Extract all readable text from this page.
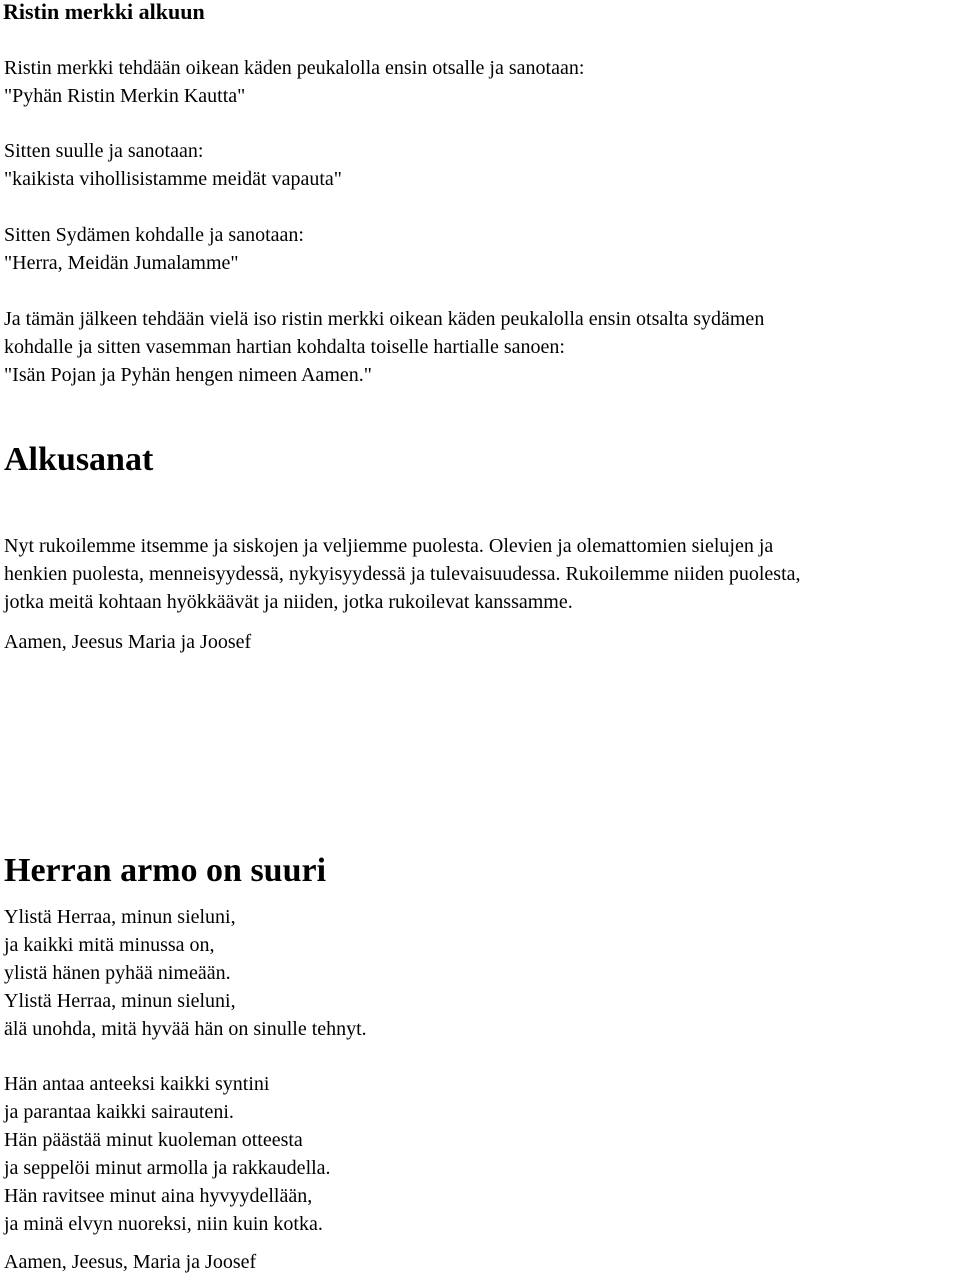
Ristin merkki alkuun
Ristin merkki tehdään oikean käden peukalolla ensin otsalle ja sanotaan:
"Pyhän Ristin Merkin Kautta"
Sitten suulle ja sanotaan:
"kaikista vihollisistamme meidät vapauta"
Sitten Sydämen kohdalle ja sanotaan:
"Herra, Meidän Jumalamme"
Ja tämän jälkeen tehdään vielä iso ristin merkki oikean käden peukalolla ensin otsalta sydämen
kohdalle ja sitten vasemman hartian kohdalta toiselle hartialle sanoen:
"Isän Pojan ja Pyhän hengen nimeen Aamen."
Alkusanat
Nyt rukoilemme itsemme ja siskojen ja veljiemme puolesta. Olevien ja olemattomien sielujen ja
henkien puolesta, menneisyydessä, nykyisyydessä ja tulevaisuudessa. Rukoilemme niiden puolesta,
jotka meitä kohtaan hyökkäävät ja niiden, jotka rukoilevat kanssamme.
Aamen, Jeesus Maria ja Joosef
Herran armo on suuri
Ylistä Herraa, minun sieluni,
ja kaikki mitä minussa on,
ylistä hänen pyhää nimeään.
Ylistä Herraa, minun sieluni,
älä unohda, mitä hyvää hän on sinulle tehnyt.
Hän antaa anteeksi kaikki syntini
ja parantaa kaikki sairauteni.
Hän päästää minut kuoleman otteesta
ja seppelöi minut armolla ja rakkaudella.
Hän ravitsee minut aina hyvyydellään,
ja minä elvyn nuoreksi, niin kuin kotka.
Aamen, Jeesus, Maria ja Joosef
